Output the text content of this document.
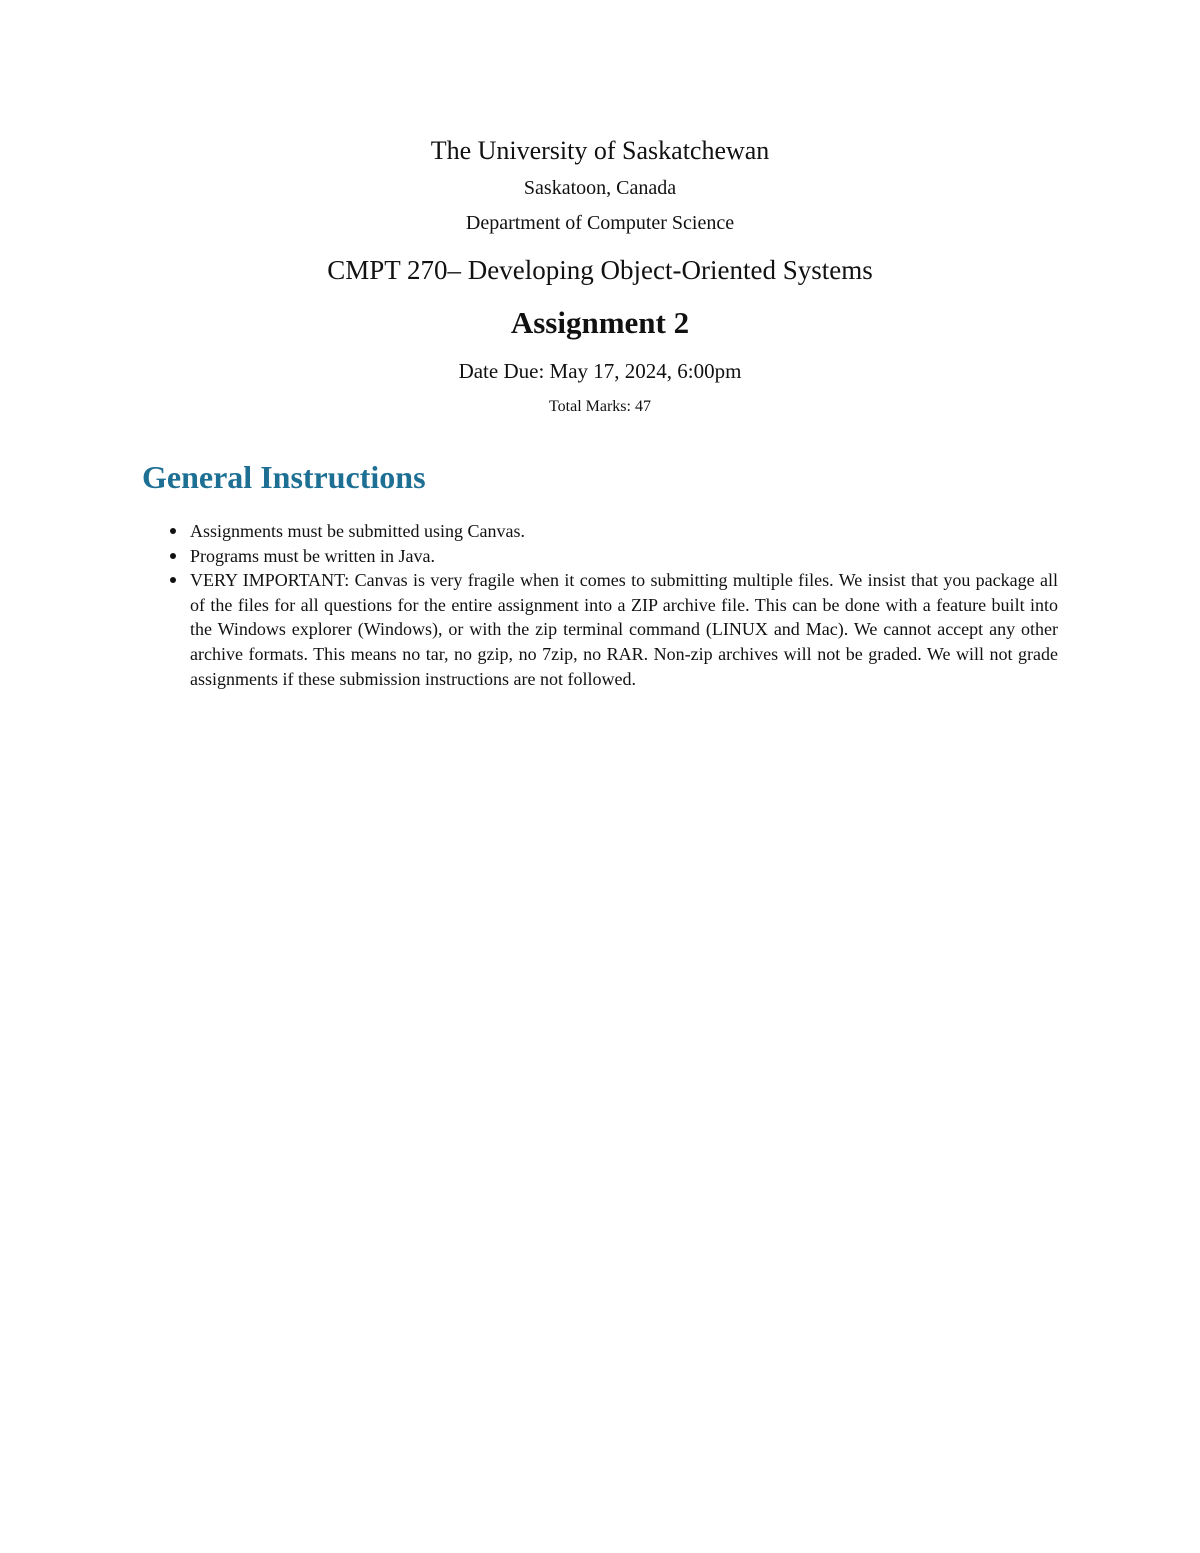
The University of Saskatchewan
Saskatoon, Canada
Department of Computer Science
CMPT 270– Developing Object-Oriented Systems
Assignment 2
Date Due: May 17, 2024, 6:00pm
Total Marks: 47
General Instructions
Assignments must be submitted using Canvas.
Programs must be written in Java.
VERY IMPORTANT: Canvas is very fragile when it comes to submitting multiple files. We insist that you package all of the files for all questions for the entire assignment into a ZIP archive file. This can be done with a feature built into the Windows explorer (Windows), or with the zip terminal command (LINUX and Mac). We cannot accept any other archive formats. This means no tar, no gzip, no 7zip, no RAR. Non-zip archives will not be graded. We will not grade assignments if these submission instructions are not followed.
